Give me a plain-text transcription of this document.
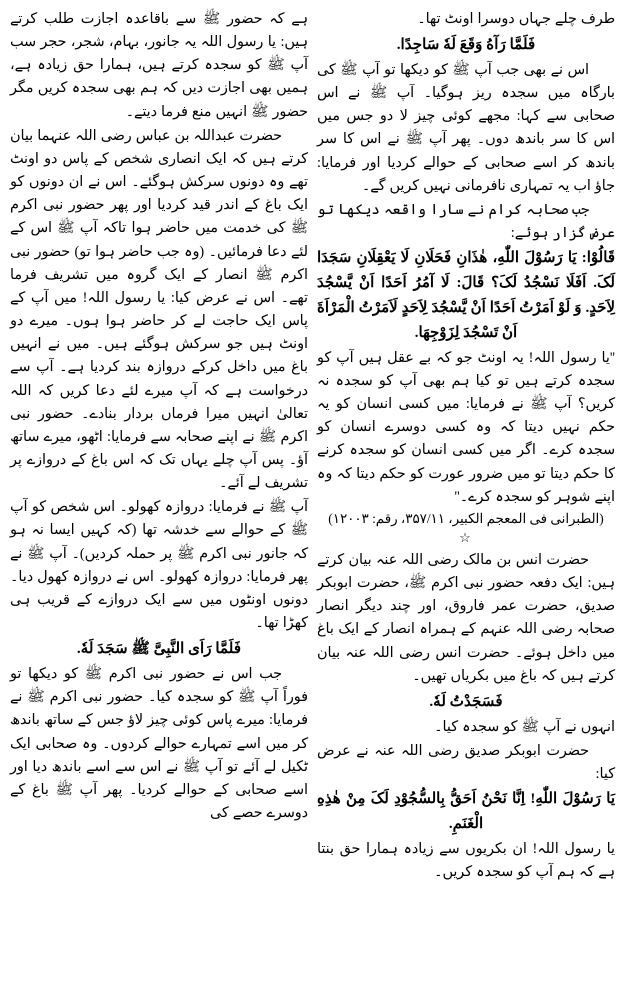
ہے کہ حضور ﷺ سے باقاعدہ اجازت طلب کرتے ہیں: یا رسول اللہ یہ جانور، بہام، شجر، حجر سب آپ ﷺ کو سجدہ کرتے ہیں، ہمارا حق زیادہ ہے، ہمیں بھی اجازت دیں کہ ہم بھی سجدہ کریں مگر حضور ﷺ انہیں منع فرما دیتے۔

حضرت عبداللہ بن عباس رضی اللہ عنہما بیان کرتے ہیں کہ ایک انصاری شخص کے پاس دو اونٹ تھے وہ دونوں سرکش ہوگئے۔ اس نے ان دونوں کو ایک باغ کے اندر قید کردیا اور پھر حضور نبی اکرم ﷺ کی خدمت میں حاضر ہوا تاکہ آپ ﷺ اس کے لئے دعا فرمائیں۔ (وہ جب حاضر ہوا تو) حضور نبی اکرم ﷺ انصار کے ایک گروہ میں تشریف فرما تھے۔ اس نے عرض کیا: یا رسول اللہ! میں آپ کے پاس ایک حاجت لے کر حاضر ہوا ہوں۔ میرے دو اونٹ ہیں جو سرکش ہوگئے ہیں۔ میں نے انہیں باغ میں داخل کرکے دروازہ بند کردیا ہے۔ آپ سے درخواست ہے کہ آپ میرے لئے دعا کریں کہ اللہ تعالیٰ انہیں میرا فرماں بردار بنادے۔ حضور نبی اکرم ﷺ نے اپنے صحابہ سے فرمایا: اٹھو، میرے ساتھ آؤ۔ پس آپ چلے یہاں تک کہ اس باغ کے دروازے پر تشریف لے آئے۔

آپ ﷺ نے فرمایا: دروازہ کھولو۔ اس شخص کو آپ ﷺ کے حوالے سے خدشہ تھا (کہ کہیں ایسا نہ ہو کہ جانور نبی اکرم ﷺ پر حملہ کردیں)۔ آپ ﷺ نے پھر فرمایا: دروازہ کھولو۔ اس نے دروازہ کھول دیا۔ دونوں اونٹوں میں سے ایک دروازے کے قریب ہی کھڑا تھا۔

فَلَمَّا رَاَی النَّبِیَّ ﷺ سَجَدَ لَهٗ.

جب اس نے حضور نبی اکرم ﷺ کو دیکھا تو فوراً آپ ﷺ کو سجدہ کیا۔ حضور نبی اکرم ﷺ نے فرمایا: میرے پاس کوئی چیز لاؤ جس کے ساتھ باندھ کر میں اسے تمہارے حوالے کردوں۔ وہ صحابی ایک ٹکیل لے آئے تو آپ ﷺ نے اس سے اسے باندھ دیا اور اسے صحابی کے حوالے کردیا۔ پھر آپ ﷺ باغ کے دوسرے حصے کی

طرف چلے جہاں دوسرا اونٹ تھا۔

فَلَمَّا رَآهُ وَقَعَ لَهٗ سَاجِدًا.

اس نے بھی جب آپ ﷺ کو دیکھا تو آپ ﷺ کی بارگاہ میں سجدہ ریز ہوگیا۔ آپ ﷺ نے اس صحابی سے کہا: مجھے کوئی چیز لا دو جس میں اس کا سر باندھ دوں۔ پھر آپ ﷺ نے اس کا سر باندھ کر اسے صحابی کے حوالے کردیا اور فرمایا: جاؤ اب یہ تمہاری نافرمانی نہیں کریں گے۔

جب صحابہ کرام نے سارا واقعہ دیکھا تو عرض گزار ہوئے:

قَالُوْا: یَا رَسُوْلَ اللّٰهِ، هٰذَانِ فَحَلَانِ لَا یَعْقِلَانِ سَجَدَا لَکَ. اَفَلَا نَسْجُدُ لَکَ؟ قَالَ: لَا آمُرُ اَحَدًا اَنْ یَّسْجُدَ لِاَحَدٍ. وَ لَوْ اَمَرْتُ اَحَدًا اَنْ یَّسْجُدَ لِاَحَدٍ لَاَمَرْتُ الْمَرْاَةَ اَنْ تَسْجُدَ لِزَوْجِهَا.

''یا رسول اللہ! یہ اونٹ جو کہ بے عقل ہیں آپ کو سجدہ کرتے ہیں تو کیا ہم بھی آپ کو سجدہ نہ کریں؟ آپ ﷺ نے فرمایا: میں کسی انسان کو یہ حکم نہیں دیتا کہ وہ کسی دوسرے انسان کو سجدہ کرے۔ اگر میں کسی انسان کو سجدہ کرنے کا حکم دیتا تو میں ضرور عورت کو حکم دیتا کہ وہ اپنے شوہر کو سجدہ کرے۔''

(الطبرانی فی المعجم الکبیر، ۳۵۷/۱۱، رقم: ۱۲۰۰۳)

☆

حضرت انس بن مالک رضی اللہ عنہ بیان کرتے ہیں: ایک دفعہ حضور نبی اکرم ﷺ، حضرت ابوبکر صدیق، حضرت عمر فاروق، اور چند دیگر انصار صحابہ رضی اللہ عنہم کے ہمراہ انصار کے ایک باغ میں داخل ہوئے۔ حضرت انس رضی اللہ عنہ بیان کرتے ہیں کہ باغ میں بکریاں تھیں۔

فَسَجَدْتُ لَهٗ.

انہوں نے آپ ﷺ کو سجدہ کیا۔

حضرت ابوبکر صدیق رضی اللہ عنہ نے عرض کیا:

یَا رَسُوْلَ اللّٰهِ! اِنَّا نَحْنُ اَحَقُّ بِالسُّجُوْدِ لَکَ مِنْ هٰذِهِ الْغَنَمِ.

یا رسول اللہ! ان بکریوں سے زیادہ ہمارا حق بنتا ہے کہ ہم آپ کو سجدہ کریں۔
